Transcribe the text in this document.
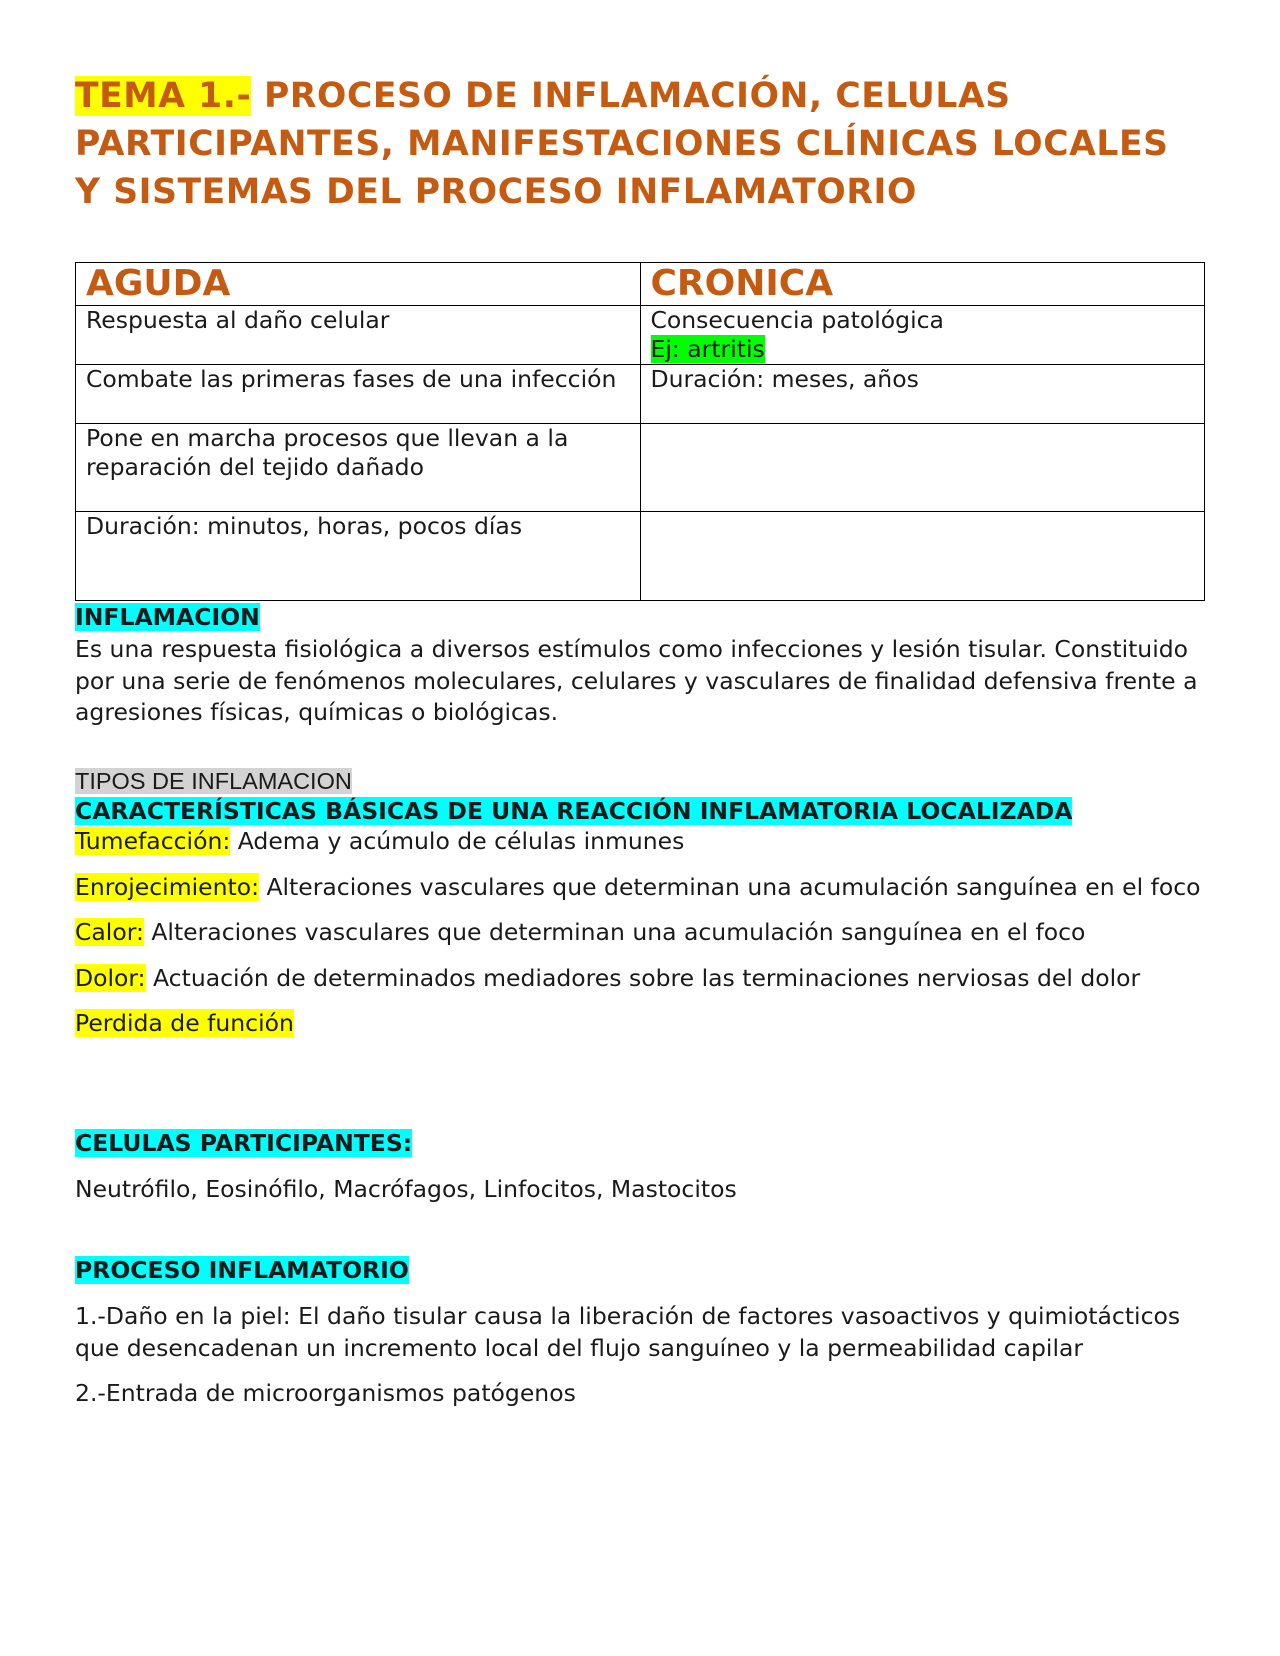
TEMA 1.- PROCESO DE INFLAMACIÓN, CELULAS PARTICIPANTES, MANIFESTACIONES CLÍNICAS LOCALES Y SISTEMAS DEL PROCESO INFLAMATORIO
AGUDA	CRONICA
Respuesta al daño celular	Consecuencia patológica
Ej: artritis
Combate las primeras fases de una infección	Duración: meses, años
Pone en marcha procesos que llevan a la reparación del tejido dañado	
Duración: minutos, horas, pocos días	
INFLAMACION

Es una respuesta fisiológica a diversos estímulos como infecciones y lesión tisular. Constituido por una serie de fenómenos moleculares, celulares y vasculares de finalidad defensiva frente a agresiones físicas, químicas o biológicas.

TIPOS DE INFLAMACION
CARACTERÍSTICAS BÁSICAS DE UNA REACCIÓN INFLAMATORIA LOCALIZADA

Tumefacción: Adema y acúmulo de células inmunes

Enrojecimiento: Alteraciones vasculares que determinan una acumulación sanguínea en el foco

Calor: Alteraciones vasculares que determinan una acumulación sanguínea en el foco

Dolor: Actuación de determinados mediadores sobre las terminaciones nerviosas del dolor

Perdida de función

CELULAS PARTICIPANTES:

Neutrófilo, Eosinófilo, Macrófagos, Linfocitos, Mastocitos

PROCESO INFLAMATORIO

1.-Daño en la piel: El daño tisular causa la liberación de factores vasoactivos y quimiotácticos que desencadenan un incremento local del flujo sanguíneo y la permeabilidad capilar

2.-Entrada de microorganismos patógenos
